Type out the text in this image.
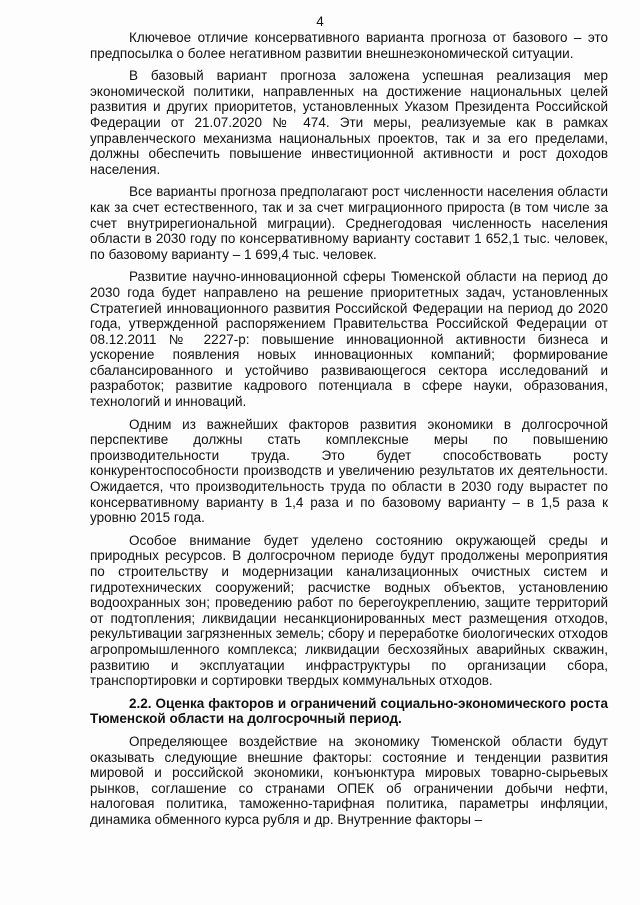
4

Ключевое отличие консервативного варианта прогноза от базового – это предпосылка о более негативном развитии внешнеэкономической ситуации.

В базовый вариант прогноза заложена успешная реализация мер экономической политики, направленных на достижение национальных целей развития и других приоритетов, установленных Указом Президента Российской Федерации от 21.07.2020 № 474. Эти меры, реализуемые как в рамках управленческого механизма национальных проектов, так и за его пределами, должны обеспечить повышение инвестиционной активности и рост доходов населения.

Все варианты прогноза предполагают рост численности населения области как за счет естественного, так и за счет миграционного прироста (в том числе за счет внутрирегиональной миграции). Среднегодовая численность населения области в 2030 году по консервативному варианту составит 1 652,1 тыс. человек, по базовому варианту – 1 699,4 тыс. человек.

Развитие научно-инновационной сферы Тюменской области на период до 2030 года будет направлено на решение приоритетных задач, установленных Стратегией инновационного развития Российской Федерации на период до 2020 года, утвержденной распоряжением Правительства Российской Федерации от 08.12.2011 № 2227-р: повышение инновационной активности бизнеса и ускорение появления новых инновационных компаний; формирование сбалансированного и устойчиво развивающегося сектора исследований и разработок; развитие кадрового потенциала в сфере науки, образования, технологий и инноваций.

Одним из важнейших факторов развития экономики в долгосрочной перспективе должны стать комплексные меры по повышению производительности труда. Это будет способствовать росту конкурентоспособности производств и увеличению результатов их деятельности. Ожидается, что производительность труда по области в 2030 году вырастет по консервативному варианту в 1,4 раза и по базовому варианту – в 1,5 раза к уровню 2015 года.

Особое внимание будет уделено состоянию окружающей среды и природных ресурсов. В долгосрочном периоде будут продолжены мероприятия по строительству и модернизации канализационных очистных систем и гидротехнических сооружений; расчистке водных объектов, установлению водоохранных зон; проведению работ по берегоукреплению, защите территорий от подтопления; ликвидации несанкционированных мест размещения отходов, рекультивации загрязненных земель; сбору и переработке биологических отходов агропромышленного комплекса; ликвидации бесхозяйных аварийных скважин, развитию и эксплуатации инфраструктуры по организации сбора, транспортировки и сортировки твердых коммунальных отходов.

2.2. Оценка факторов и ограничений социально-экономического роста Тюменской области на долгосрочный период.

Определяющее воздействие на экономику Тюменской области будут оказывать следующие внешние факторы: состояние и тенденции развития мировой и российской экономики, конъюнктура мировых товарно-сырьевых рынков, соглашение со странами ОПЕК об ограничении добычи нефти, налоговая политика, таможенно-тарифная политика, параметры инфляции, динамика обменного курса рубля и др. Внутренние факторы –
